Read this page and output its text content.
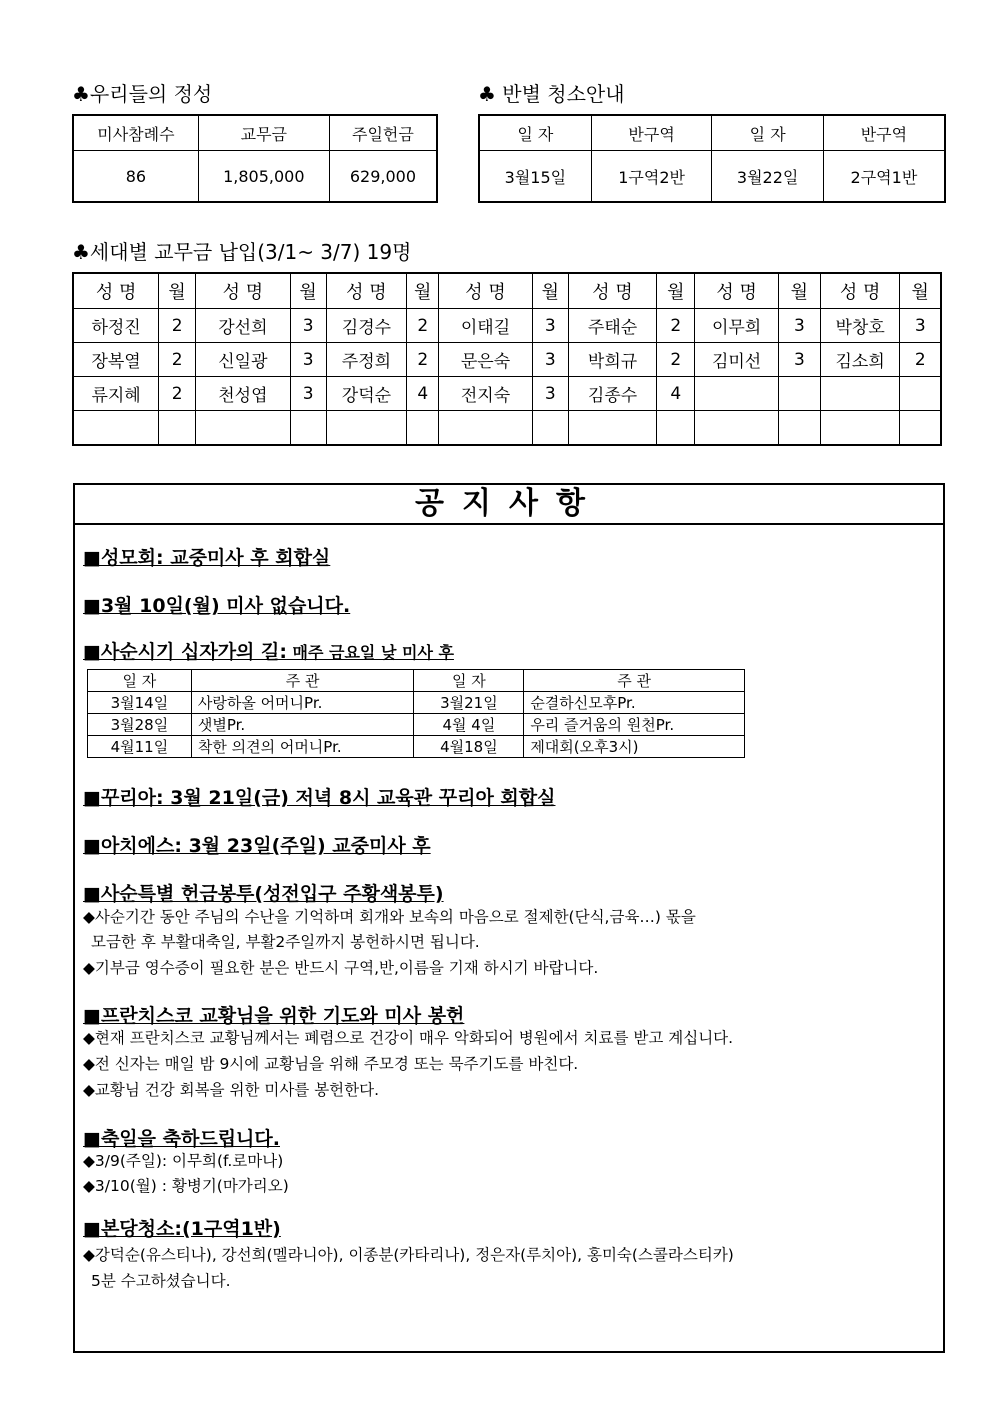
♣우리들의 정성
미사참례수	교무금	주일헌금
86	1,805,000	629,000
♣ 반별 청소안내
일 자	반구역	일 자	반구역
3월15일	1구역2반	3월22일	2구역1반
♣세대별 교무금 납입(3/1~ 3/7) 19명
성 명	월	성 명	월	성 명	월	성 명	월	성 명	월	성 명	월	성 명	월
하정진	2	강선희	3	김경수	2	이태길	3	주태순	2	이무희	3	박창호	3
장복열	2	신일광	3	주정희	2	문은숙	3	박희규	2	김미선	3	김소희	2
류지혜	2	천성엽	3	강덕순	4	전지숙	3	김종수	4				

공지사항
■성모회: 교중미사 후 회합실
■3월 10일(월) 미사 없습니다.
■사순시기 십자가의 길: 매주 금요일 낮 미사 후
일 자	주 관	일 자	주 관
3월14일	사랑하올 어머니Pr.	3월21일	순결하신모후Pr.
3월28일	샛별Pr.	4월 4일	우리 즐거움의 원천Pr.
4월11일	착한 의견의 어머니Pr.	4월18일	제대회(오후3시)
■꾸리아: 3월 21일(금) 저녁 8시 교육관 꾸리아 회합실
■아치에스: 3월 23일(주일) 교중미사 후
■사순특별 헌금봉투(성전입구 주황색봉투)
◆사순기간 동안 주님의 수난을 기억하며 회개와 보속의 마음으로 절제한(단식,금육…) 몫을
모금한 후 부활대축일, 부활2주일까지 봉헌하시면 됩니다.
◆기부금 영수증이 필요한 분은 반드시 구역,반,이름을 기재 하시기 바랍니다.
■프란치스코 교황님을 위한 기도와 미사 봉헌
◆현재 프란치스코 교황님께서는 폐렴으로 건강이 매우 악화되어 병원에서 치료를 받고 계십니다.
◆전 신자는 매일 밤 9시에 교황님을 위해 주모경 또는 묵주기도를 바친다.
◆교황님 건강 회복을 위한 미사를 봉헌한다.
■축일을 축하드립니다.
◆3/9(주일): 이무희(f.로마나)
◆3/10(월) : 황병기(마가리오)
■본당청소:(1구역1반)
◆강덕순(유스티나), 강선희(멜라니아), 이종분(카타리나), 정은자(루치아), 홍미숙(스콜라스티카)
5분 수고하셨습니다.
